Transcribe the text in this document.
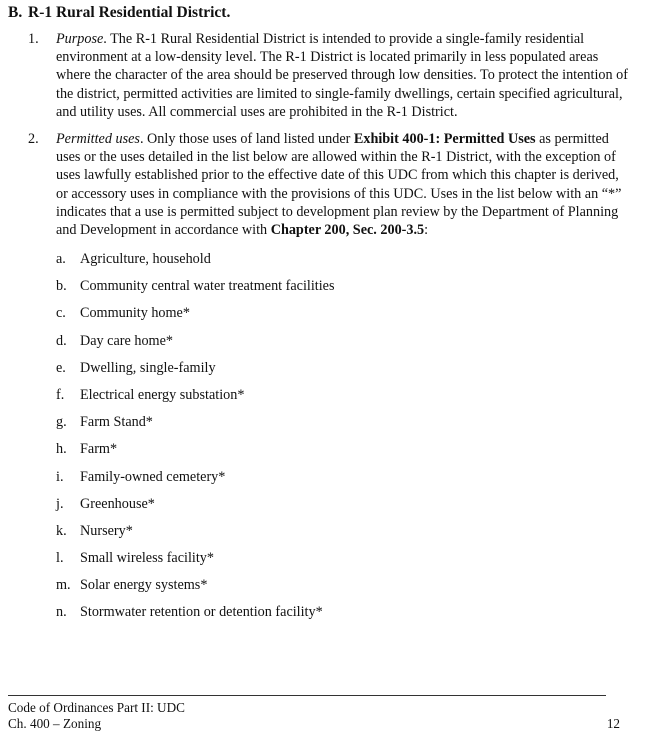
B. R-1 Rural Residential District.
1. Purpose. The R-1 Rural Residential District is intended to provide a single-family residential environment at a low-density level. The R-1 District is located primarily in less populated areas where the character of the area should be preserved through low densities. To protect the intention of the district, permitted activities are limited to single-family dwellings, certain specified agricultural, and utility uses. All commercial uses are prohibited in the R-1 District.
2. Permitted uses. Only those uses of land listed under Exhibit 400-1: Permitted Uses as permitted uses or the uses detailed in the list below are allowed within the R-1 District, with the exception of uses lawfully established prior to the effective date of this UDC from which this chapter is derived, or accessory uses in compliance with the provisions of this UDC. Uses in the list below with an “*” indicates that a use is permitted subject to development plan review by the Department of Planning and Development in accordance with Chapter 200, Sec. 200-3.5:
a. Agriculture, household
b. Community central water treatment facilities
c. Community home*
d. Day care home*
e. Dwelling, single-family
f. Electrical energy substation*
g. Farm Stand*
h. Farm*
i. Family-owned cemetery*
j. Greenhouse*
k. Nursery*
l. Small wireless facility*
m. Solar energy systems*
n. Stormwater retention or detention facility*
Code of Ordinances Part II: UDC
Ch. 400 – Zoning	12
